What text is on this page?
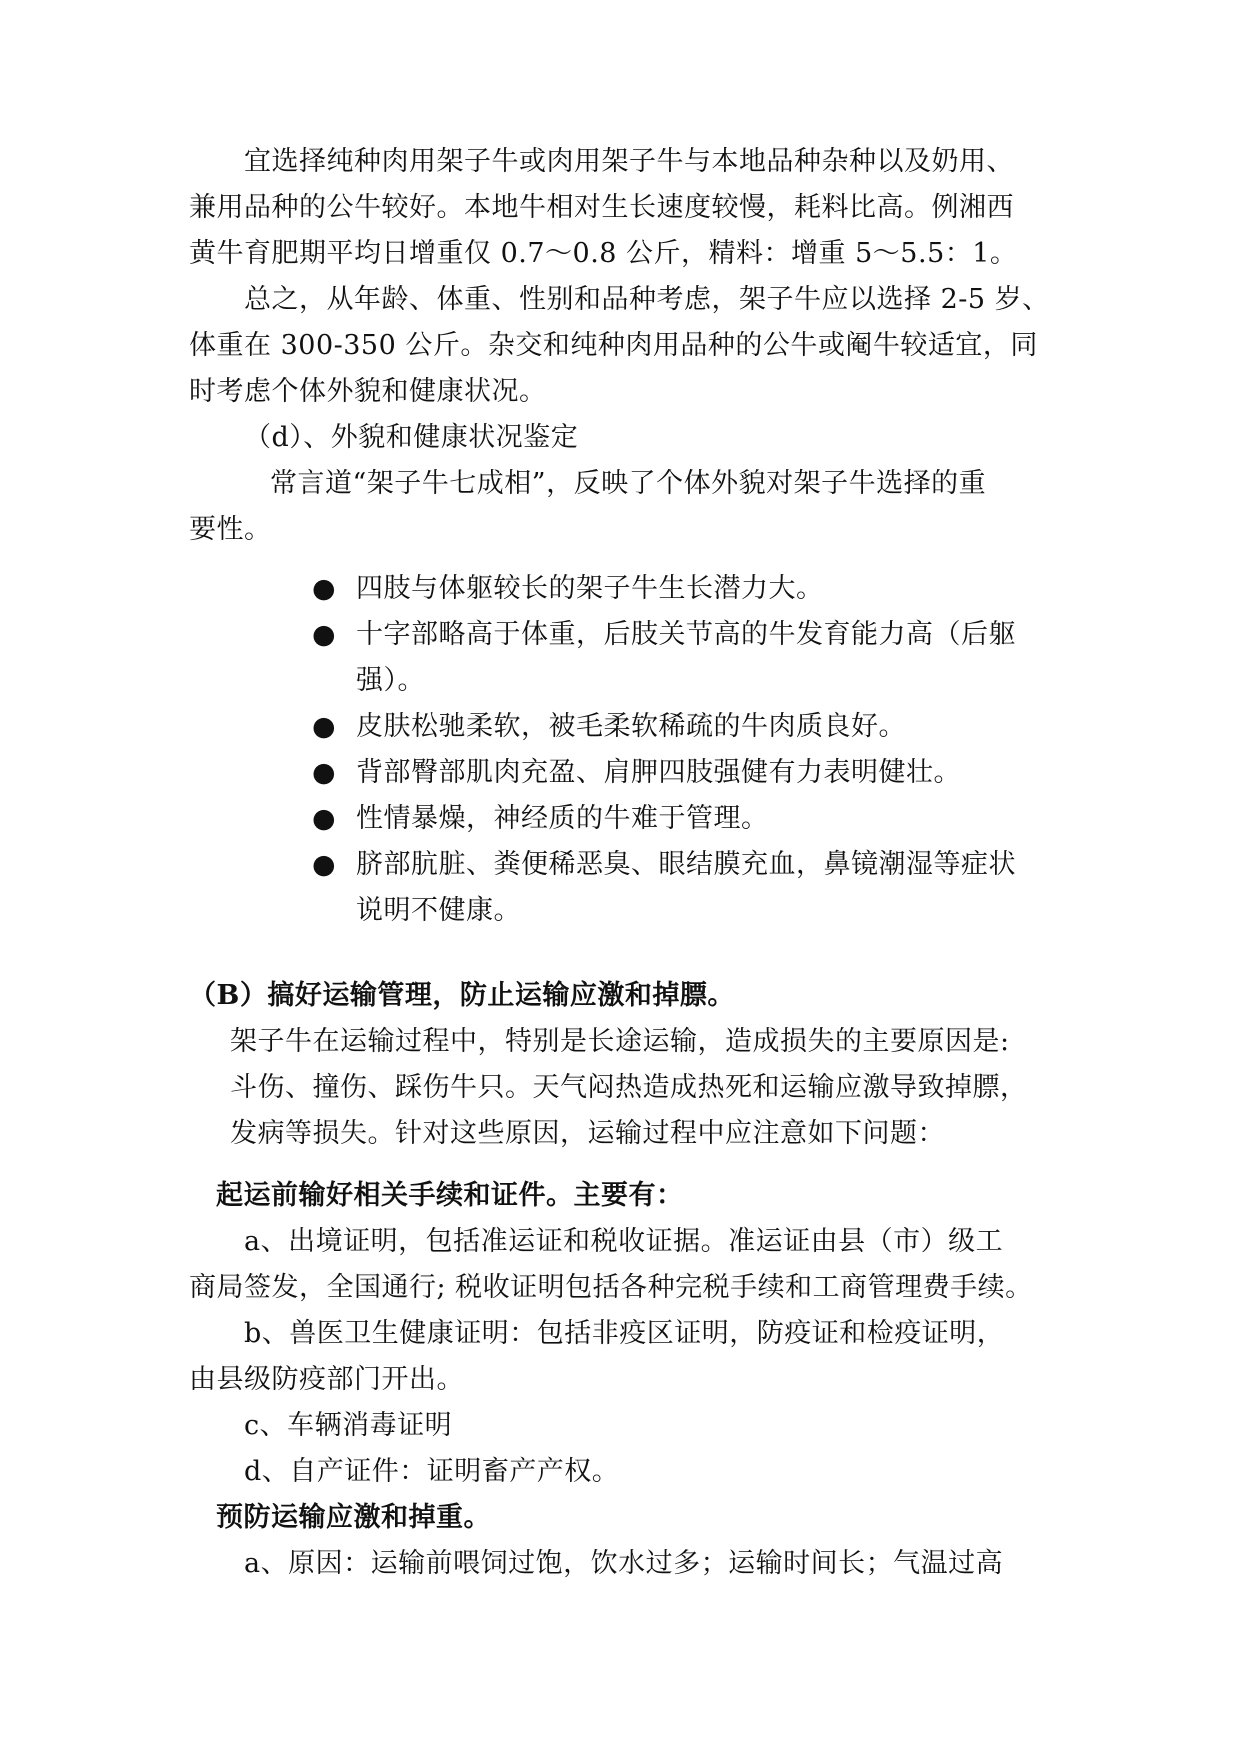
宜选择纯种肉用架子牛或肉用架子牛与本地品种杂种以及奶用、
兼用品种的公牛较好。本地牛相对生长速度较慢，耗料比高。例湘西
黄牛育肥期平均日增重仅 0.7～0.8 公斤，精料：增重 5～5.5：1。
总之，从年龄、体重、性别和品种考虑，架子牛应以选择 2-5 岁、
体重在 300-350 公斤。杂交和纯种肉用品种的公牛或阉牛较适宜，同
时考虑个体外貌和健康状况。
（d）、外貌和健康状况鉴定
常言道“架子牛七成相”，反映了个体外貌对架子牛选择的重
要性。
● 四肢与体躯较长的架子牛生长潜力大。
● 十字部略高于体重，后肢关节高的牛发育能力高（后躯
强）。
● 皮肤松驰柔软，被毛柔软稀疏的牛肉质良好。
● 背部臀部肌肉充盈、肩胛四肢强健有力表明健壮。
● 性情暴燥，神经质的牛难于管理。
● 脐部肮脏、粪便稀恶臭、眼结膜充血，鼻镜潮湿等症状
说明不健康。
（B）搞好运输管理，防止运输应激和掉膘。
架子牛在运输过程中，特别是长途运输，造成损失的主要原因是:
斗伤、撞伤、踩伤牛只。天气闷热造成热死和运输应激导致掉膘，
发病等损失。针对这些原因，运输过程中应注意如下问题：
起运前输好相关手续和证件。主要有：
a、出境证明，包括准运证和税收证据。准运证由县（市）级工
商局签发，全国通行; 税收证明包括各种完税手续和工商管理费手续。
b、兽医卫生健康证明：包括非疫区证明，防疫证和检疫证明，
由县级防疫部门开出。
c、车辆消毒证明
d、自产证件：证明畜产产权。
预防运输应激和掉重。
a、原因：运输前喂饲过饱，饮水过多；运输时间长；气温过高
